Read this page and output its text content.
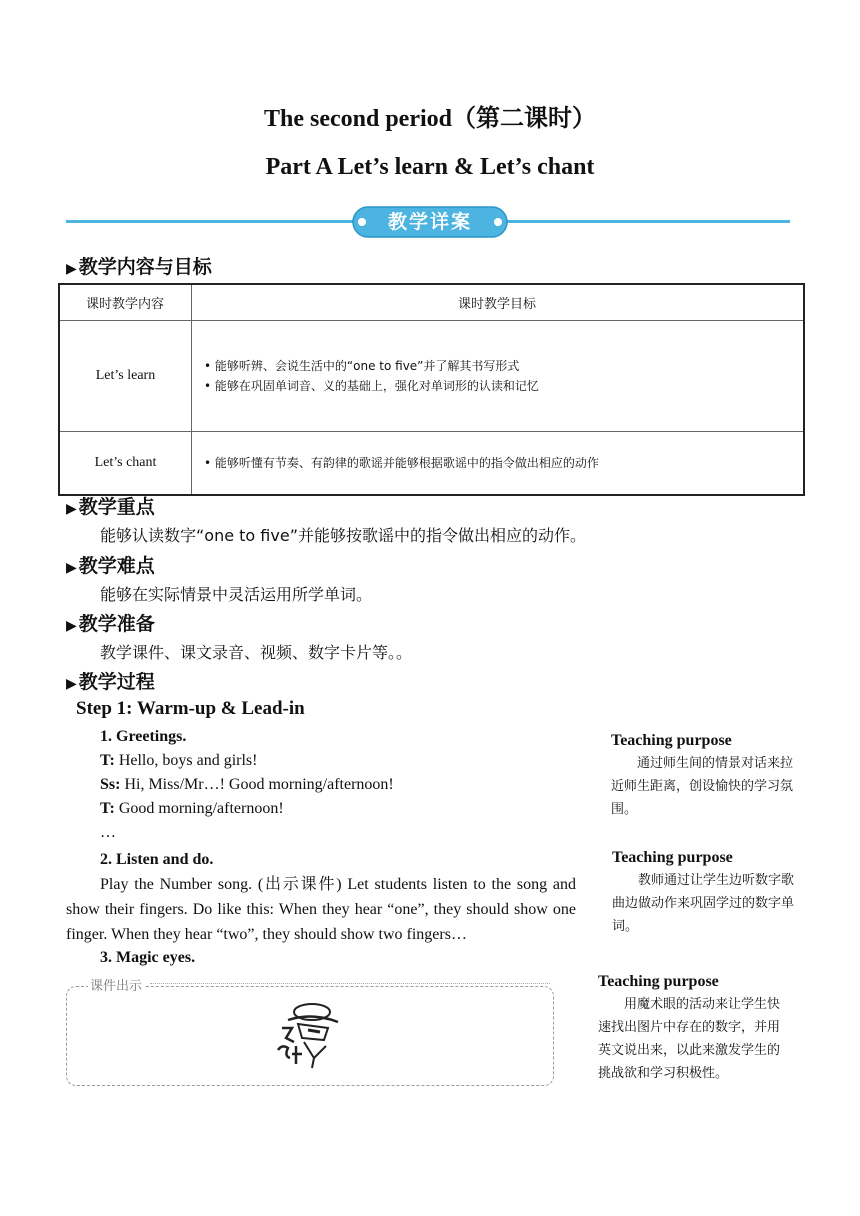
The second period（第二课时）
Part A Let’s learn & Let’s chant
教学详案
▶ 教学内容与目标
课时教学内容	课时教学目标
Let’s learn	• 能够听辨、会说生活中的“one to five”并了解其书写形式
• 能够在巩固单词音、义的基础上，强化对单词形的认读和记忆

Let’s chant	• 能够听懂有节奏、有韵律的歌谣并能够根据歌谣中的指令做出相应的动作
▶ 教学重点
能够认读数字“one to five”并能够按歌谣中的指令做出相应的动作。
▶ 教学难点
能够在实际情景中灵活运用所学单词。
▶ 教学准备
教学课件、课文录音、视频、数字卡片等。。
▶ 教学过程
Step 1: Warm-up & Lead-in
1. Greetings.
T: Hello, boys and girls!
Ss: Hi, Miss/Mr…! Good morning/afternoon!
T: Good morning/afternoon!
…
2. Listen and do.
Play the Number song. (出示课件) Let students listen to the song and show their fingers. Do like this: When they hear “one”, they should show one finger. When they hear “two”, they should show two fingers…
3. Magic eyes.
课件出示
Teaching purpose
通过师生间的情景对话来拉近师生距离，创设愉快的学习氛围。
Teaching purpose
教师通过让学生边听数字歌曲边做动作来巩固学过的数字单词。
Teaching purpose
用魔术眼的活动来让学生快速找出图片中存在的数字，并用英文说出来，以此来激发学生的挑战欲和学习积极性。
